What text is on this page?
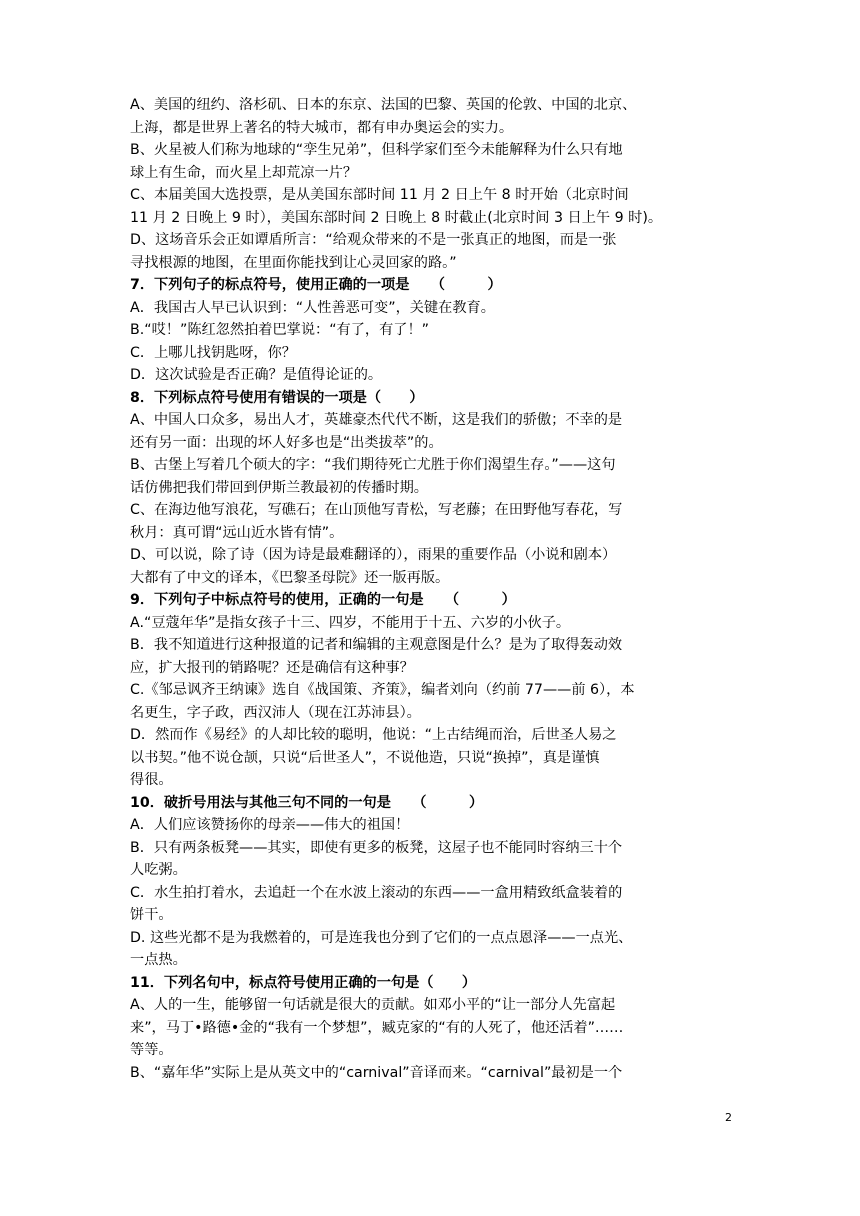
A、美国的纽约、洛杉矶、日本的东京、法国的巴黎、英国的伦敦、中国的北京、
上海，都是世界上著名的特大城市，都有申办奥运会的实力。
B、火星被人们称为地球的“孪生兄弟”，但科学家们至今未能解释为什么只有地
球上有生命，而火星上却荒凉一片？
C、本届美国大选投票，是从美国东部时间 11 月 2 日上午 8 时开始（北京时间
11 月 2 日晚上 9 时），美国东部时间 2 日晚上 8 时截止(北京时间 3 日上午 9 时)。
D、这场音乐会正如谭盾所言：“给观众带来的不是一张真正的地图，而是一张
寻找根源的地图，在里面你能找到让心灵回家的路。”
7．下列句子的标点符号，使用正确的一项是　　（　　　）
A．我国古人早已认识到：“人性善恶可变”，关键在教育。
B.“哎！”陈红忽然拍着巴掌说：“有了，有了！”
C．上哪儿找钥匙呀，你？
D．这次试验是否正确？是值得论证的。
8．下列标点符号使用有错误的一项是（　　）
A、中国人口众多，易出人才，英雄豪杰代代不断，这是我们的骄傲；不幸的是
还有另一面：出现的坏人好多也是“出类拔萃”的。
B、古堡上写着几个硕大的字：“我们期待死亡尤胜于你们渴望生存。”——这句
话仿佛把我们带回到伊斯兰教最初的传播时期。
C、在海边他写浪花，写礁石；在山顶他写青松，写老藤；在田野他写春花，写
秋月：真可谓“远山近水皆有情”。
D、可以说，除了诗（因为诗是最难翻译的），雨果的重要作品（小说和剧本）
大都有了中文的译本，《巴黎圣母院》还一版再版。
9．下列句子中标点符号的使用，正确的一句是　　（　　　）
A.“豆蔻年华”是指女孩子十三、四岁，不能用于十五、六岁的小伙子。
B．我不知道进行这种报道的记者和编辑的主观意图是什么？是为了取得轰动效
应，扩大报刊的销路呢？还是确信有这种事？
C.《邹忌讽齐王纳谏》选自《战国策、齐策》，编者刘向（约前 77——前 6），本
名更生，字子政，西汉沛人（现在江苏沛县）。
D．然而作《易经》的人却比较的聪明，他说：“上古结绳而治，后世圣人易之
以书契。”他不说仓颉，只说“后世圣人”，不说他造，只说“换掉”，真是谨慎
得很。
10．破折号用法与其他三句不同的一句是　　（　　　）
A．人们应该赞扬你的母亲——伟大的祖国！
B．只有两条板凳——其实，即使有更多的板凳，这屋子也不能同时容纳三十个
人吃粥。
C．水生拍打着水，去追赶一个在水波上滚动的东西——一盒用精致纸盒装着的
饼干。
D. 这些光都不是为我燃着的，可是连我也分到了它们的一点点恩泽——一点光、
一点热。
11．下列名句中，标点符号使用正确的一句是（　　）
A、人的一生，能够留一句话就是很大的贡献。如邓小平的“让一部分人先富起
来”，马丁•路德•金的“我有一个梦想”，臧克家的“有的人死了，他还活着”……
等等。
B、“嘉年华”实际上是从英文中的“carnival”音译而来。“carnival”最初是一个
2
